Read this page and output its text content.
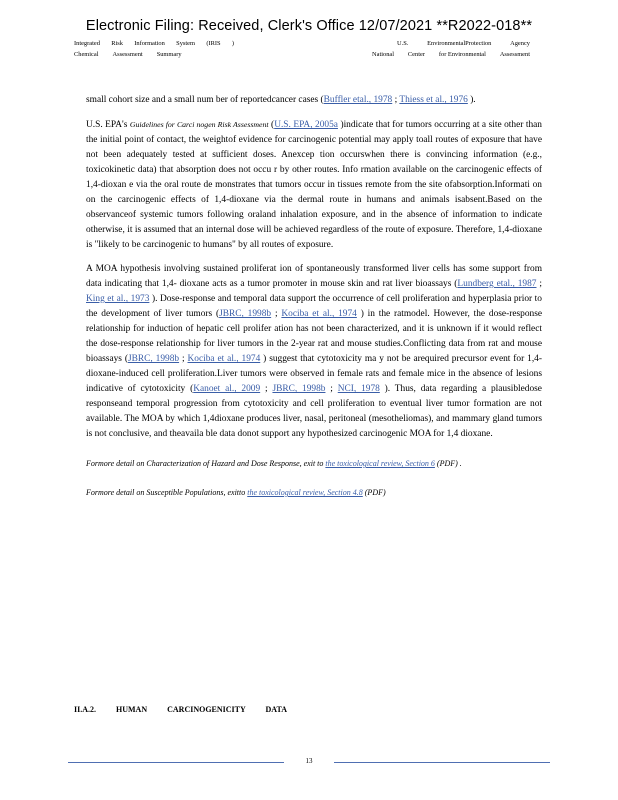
Electronic Filing: Received, Clerk's Office 12/07/2021 **R2022-018**
Integrated Risk Information System (IRIS )
Chemical Assessment Summary
U.S.	EnvironmentalProtection	Agency
National Center for Environmental Assessment

small cohort size and a small num ber of reportedcancer cases (Buffler etal., 1978 ; Thiess et al., 1976 ).

U.S. EPA's Guidelines for Carci nogen Risk Assessment (U.S. EPA, 2005a )indicate that for tumors occurring at a site other than the initial point of contact, the weightof evidence for carcinogenic potential may apply toall routes of exposure that have not been adequately tested at sufficient doses. Anexcep tion occurswhen there is convincing information (e.g., toxicokinetic data) that absorption does not occu r by other routes. Info rmation available on the carcinogenic effects of 1,4-dioxan e via the oral route de monstrates that tumors occur in tissues remote from the site ofabsorption.Informati on on the carcinogenic effects of 1,4-dioxane via the dermal route in humans and animals isabsent.Based on the observanceof systemic tumors following oraland inhalation exposure, and in the absence of information to indicate otherwise, it is assumed that an internal dose will be achieved regardless of the route of exposure. Therefore, 1,4-dioxane is "likely to be carcinogenic to humans" by all routes of exposure.

A MOA hypothesis involving sustained proliferat ion of spontaneously transformed liver cells has some support from data indicating that 1,4- dioxane acts as a tumor promoter in mouse skin and rat liver bioassays (Lundberg etal., 1987 ; King et al., 1973 ). Dose-response and temporal data support the occurrence of cell proliferation and hyperplasia prior to the development of liver tumors (JBRC, 1998b ; Kociba et al., 1974 ) in the ratmodel. However, the dose-response relationship for induction of hepatic cell prolifer ation has not been characterized, and it is unknown if it would reflect the dose-response relationship for liver tumors in the 2-year rat and mouse studies.Conflicting data from rat and mouse bioassays (JBRC, 1998b ; Kociba et al., 1974 ) suggest that cytotoxicity ma y not be arequired precursor event for 1,4-dioxane-induced cell proliferation.Liver tumors were observed in female rats and female mice in the absence of lesions indicative of cytotoxicity (Kanoet al., 2009 ; JBRC, 1998b ; NCI, 1978 ). Thus, data regarding a plausibledose responseand temporal progression from cytotoxicity and cell proliferation to eventual liver tumor formation are not available. The MOA by which 1,4dioxane produces liver, nasal, peritoneal (mesotheliomas), and mammary gland tumors is not conclusive, and theavaila ble data donot support any hypothesized carcinogenic MOA for 1,4 dioxane.

Formore detail on Characterization of Hazard and Dose Response, exit to the toxicological review, Section 6 (PDF) .
Formore detail on Susceptible Populations, exitto the toxicological review, Section 4.8 (PDF)
II.A.2. HUMAN CARCINOGENICITY DATA
13
